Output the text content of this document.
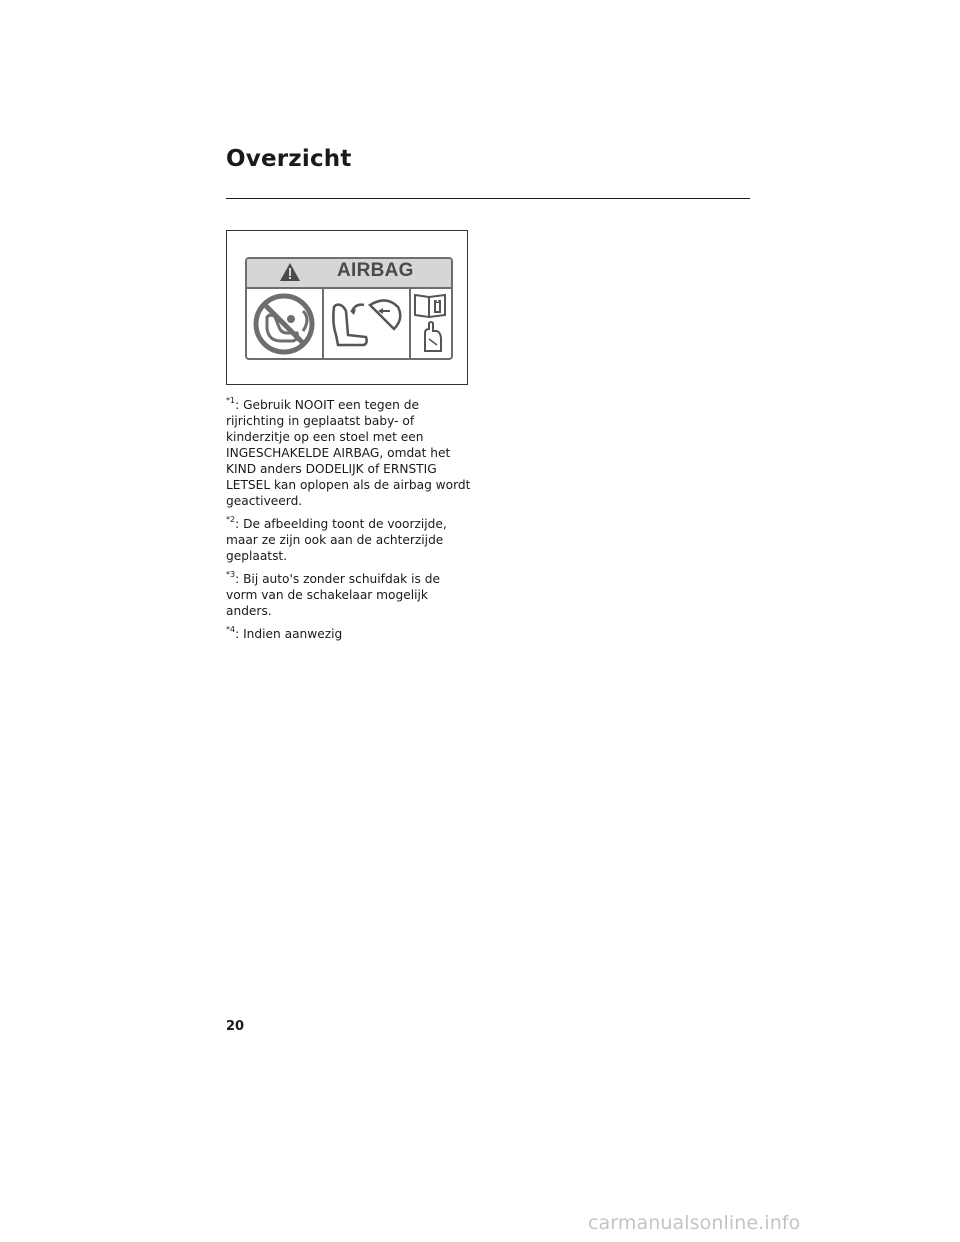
Overzicht
AIRBAG

$^{*1}$: Gebruik NOOIT een tegen de rijrichting in geplaatst baby- of kinderzitje op een stoel met een INGESCHAKELDE AIRBAG, omdat het KIND anders DODELIJK of ERNSTIG LETSEL kan oplopen als de airbag wordt geactiveerd.

$^{*2}$: De afbeelding toont de voorzijde, maar ze zijn ook aan de achterzijde geplaatst.

$^{*3}$: Bij auto's zonder schuifdak is de vorm van de schakelaar mogelijk anders.

$^{*4}$: Indien aanwezig

20
carmanualsonline.info
